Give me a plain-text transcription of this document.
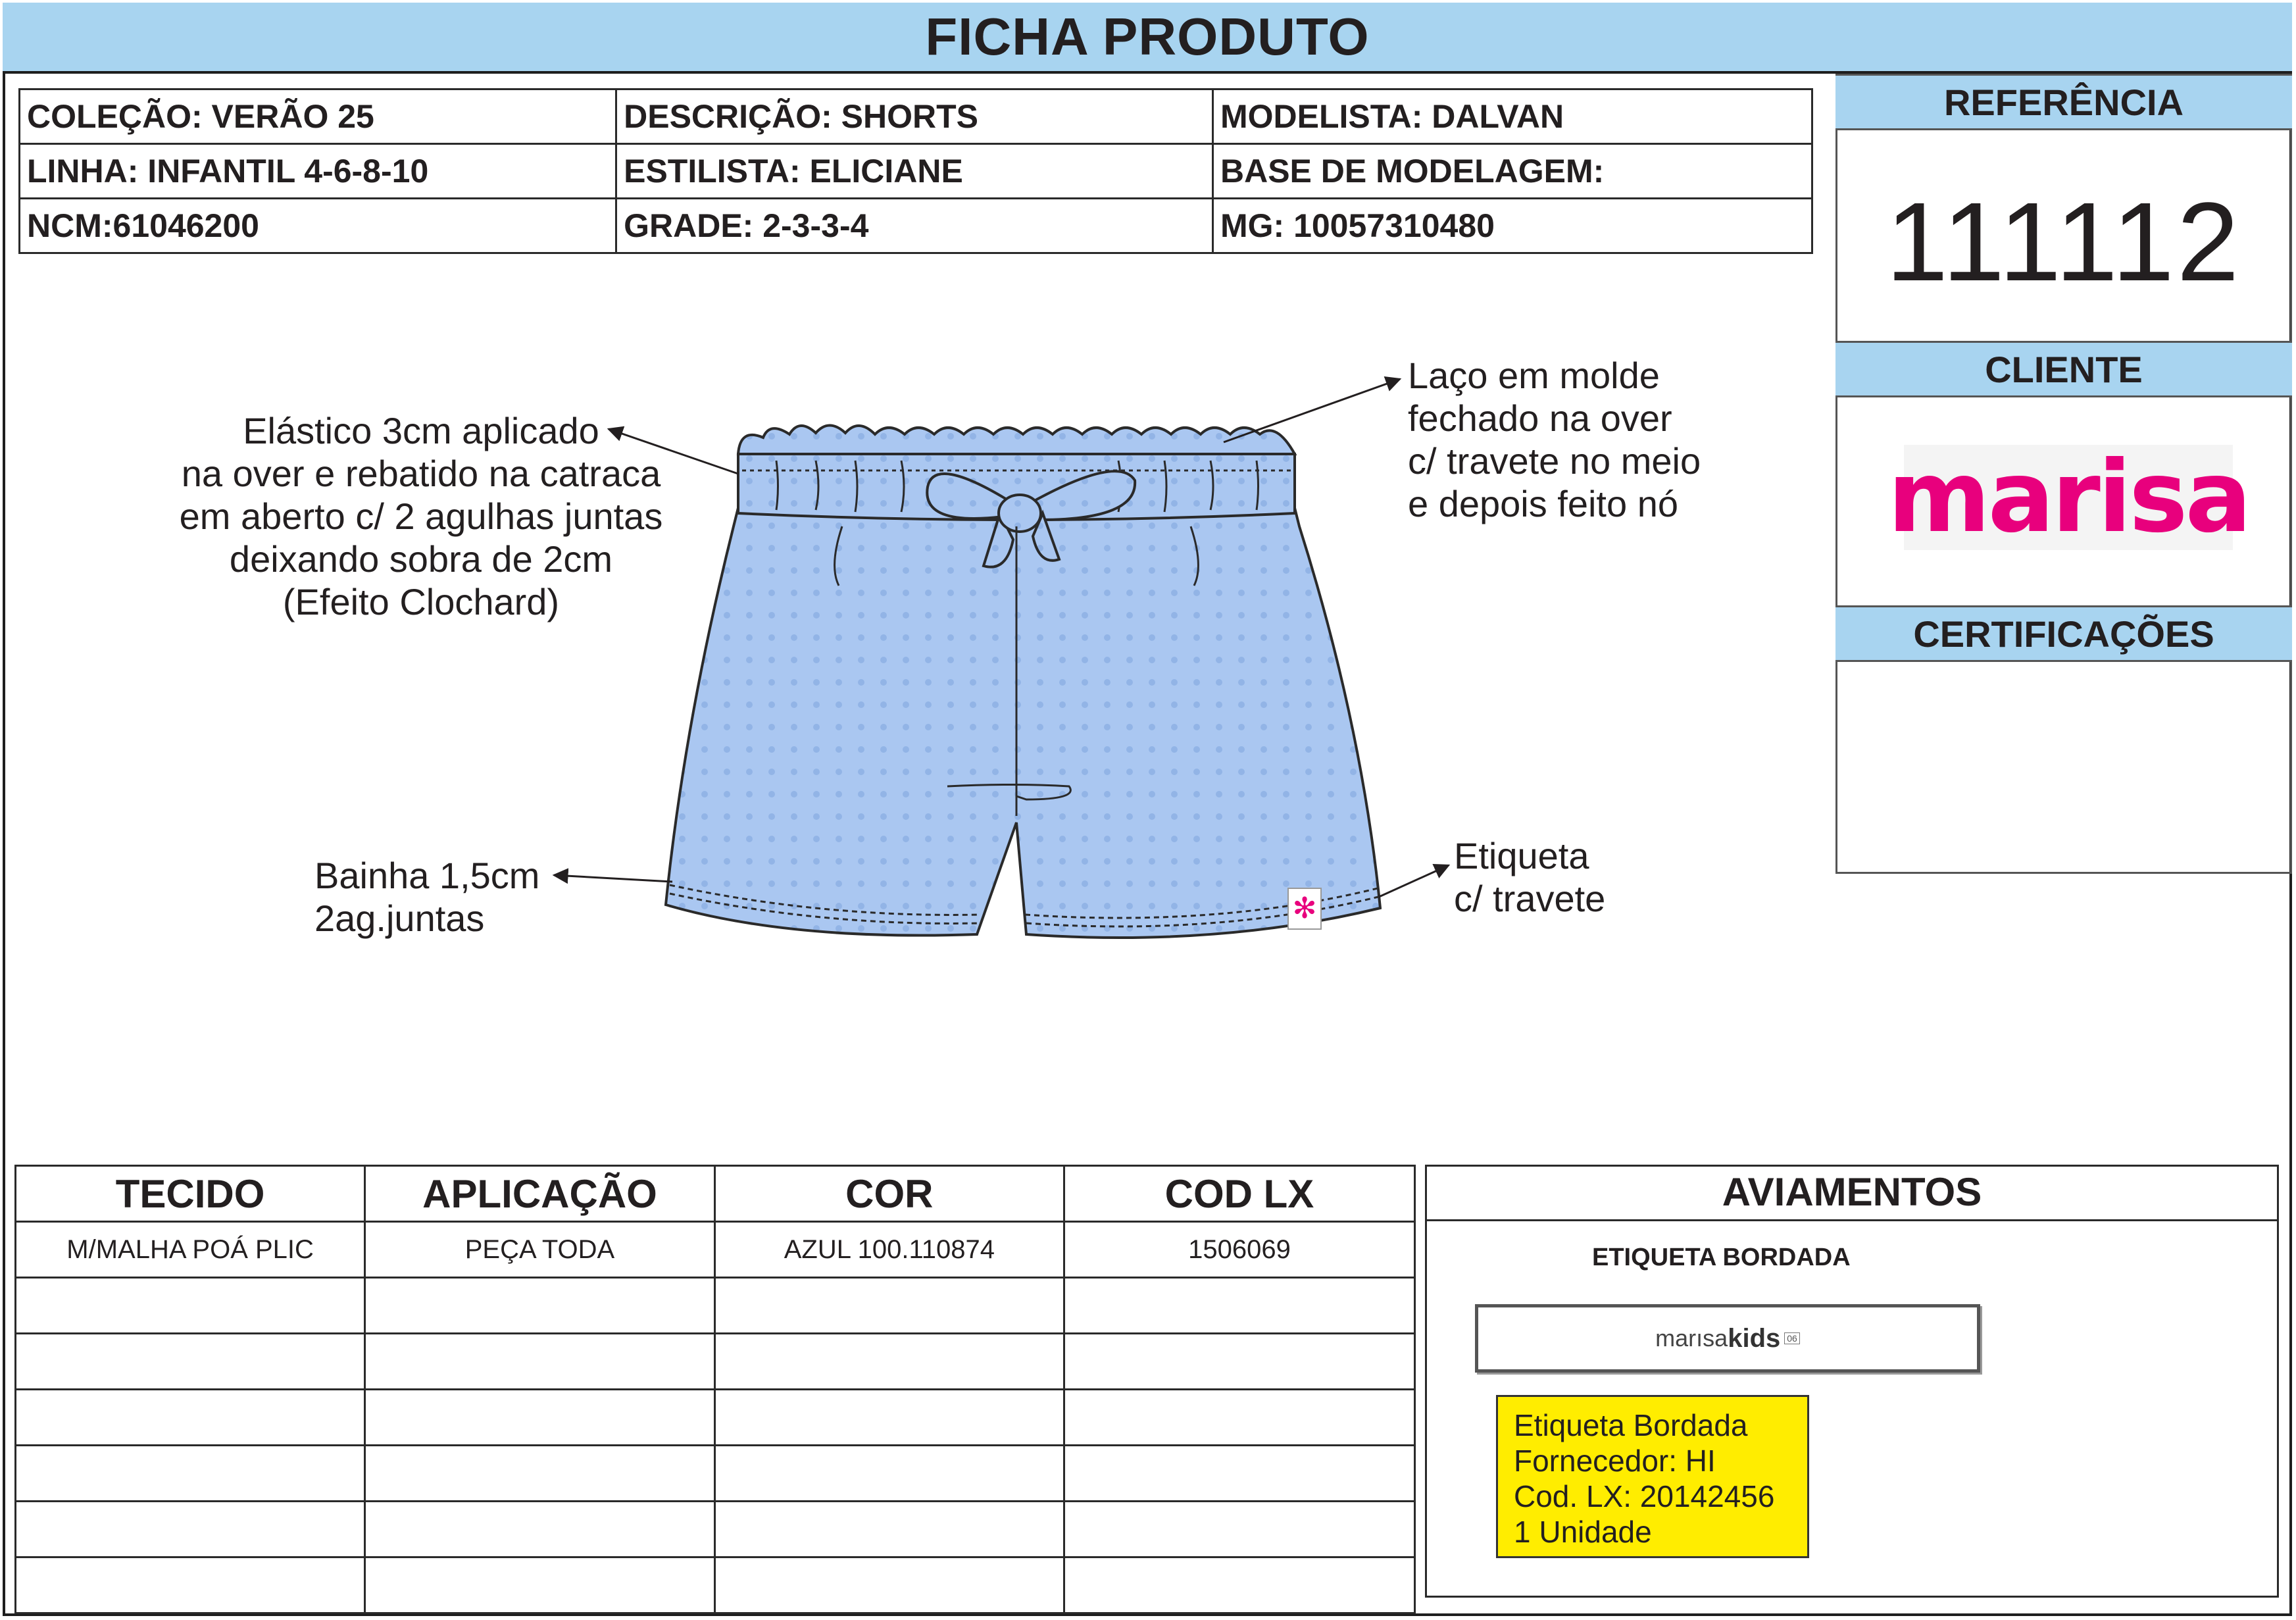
FICHA PRODUTO
COLEÇÃO: VERÃO 25	DESCRIÇÃO: SHORTS	MODELISTA: DALVAN
LINHA: INFANTIL 4-6-8-10	ESTILISTA: ELICIANE	BASE DE MODELAGEM:
NCM:61046200	GRADE: 2-3-3-4	MG: 10057310480
REFERÊNCIA
111112
CLIENTE
marisa
CERTIFICAÇÕES
✻
Elástico 3cm aplicado
na over e rebatido na catraca
em aberto c/ 2 agulhas juntas
deixando sobra de 2cm
(Efeito Clochard)
Laço em molde
fechado na over
c/ travete no meio
e depois feito nó
Bainha 1,5cm
2ag.juntas
Etiqueta
c/ travete
TECIDO	APLICAÇÃO	COR	COD LX
M/MALHA POÁ PLIC	PEÇA TODA	AZUL 100.110874	1506069

AVIAMENTOS
ETIQUETA BORDADA
marısa kids 06
Etiqueta Bordada
Fornecedor: HI
Cod. LX: 20142456
1 Unidade
